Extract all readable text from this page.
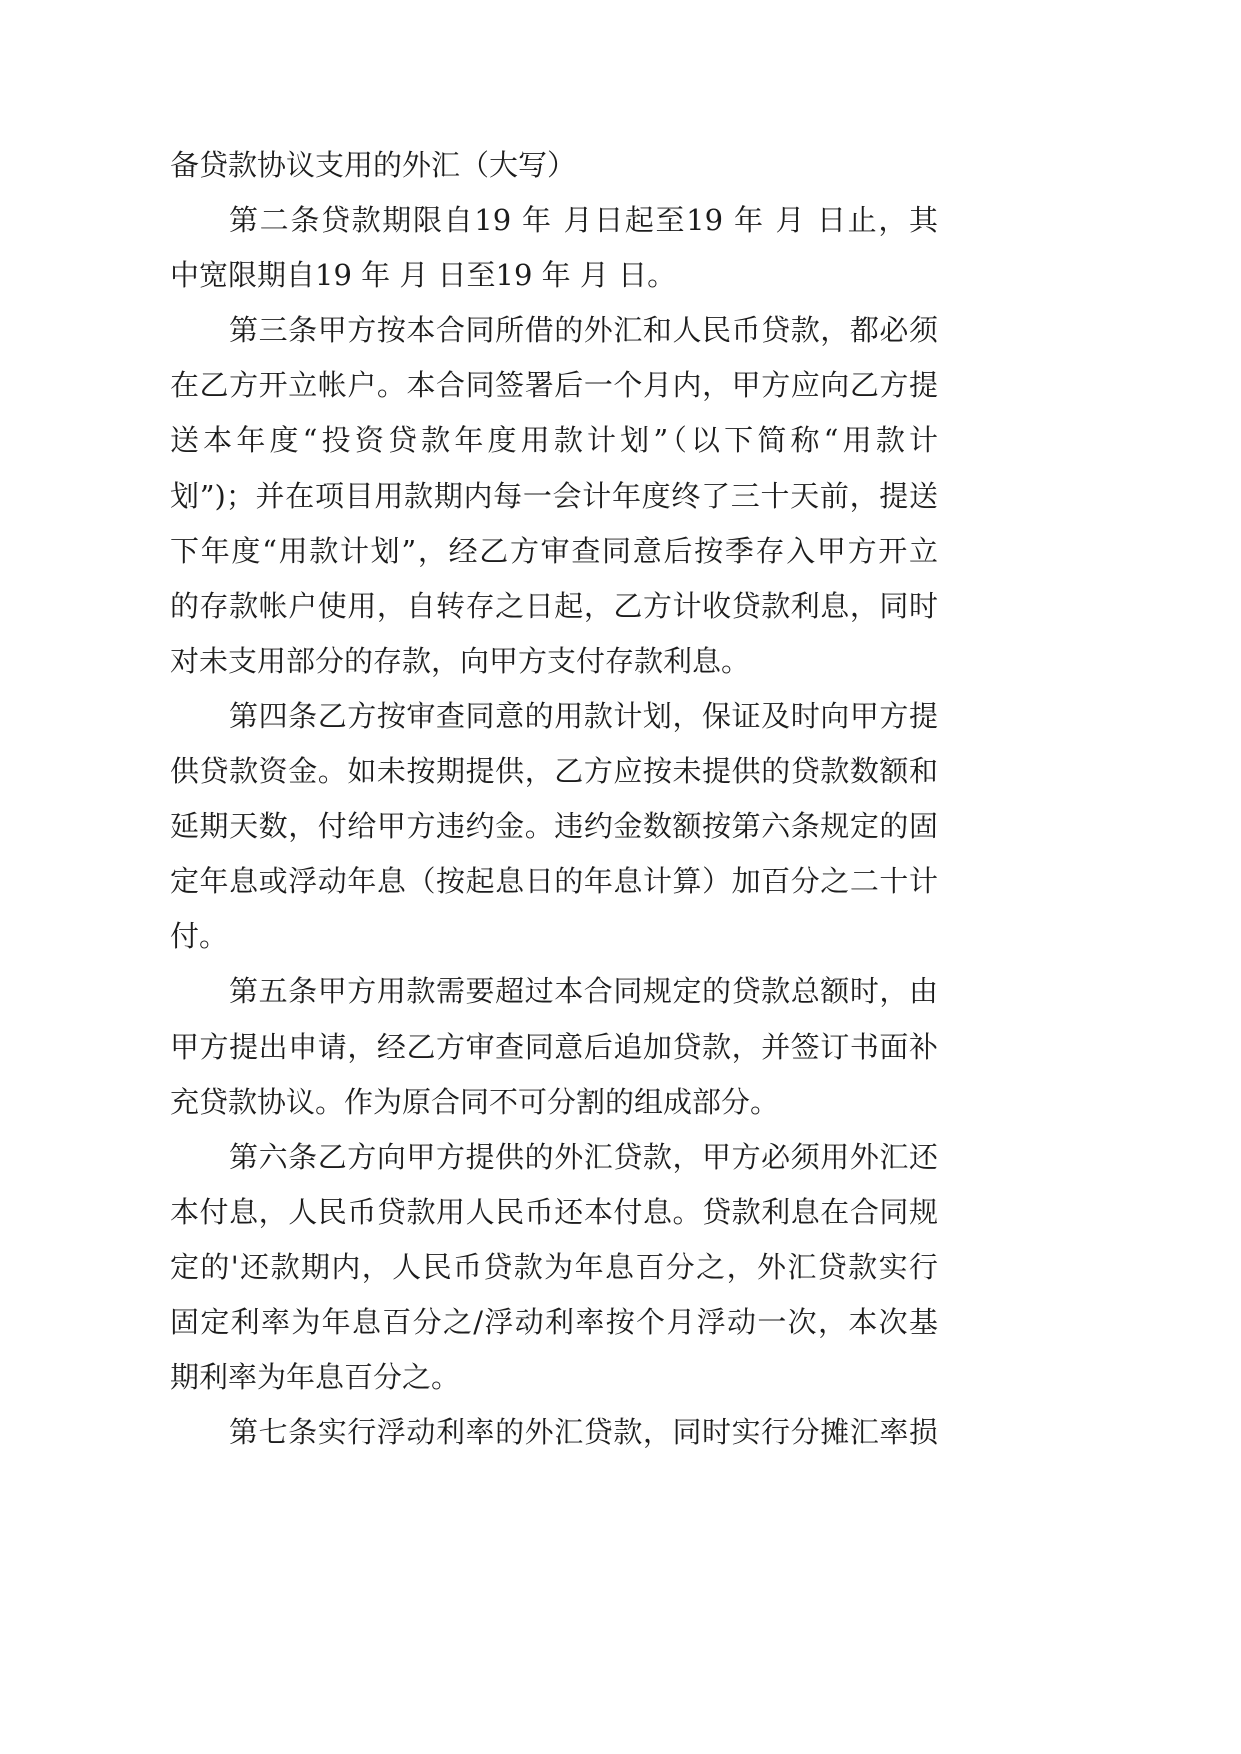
备贷款协议支用的外汇（大写）
第二条贷款期限自19 年 月日起至19 年 月 日止，其
中宽限期自19 年 月 日至19 年 月 日。
第三条甲方按本合同所借的外汇和人民币贷款，都必须
在乙方开立帐户。本合同签署后一个月内，甲方应向乙方提
送本年度“投资贷款年度用款计划”（以下简称“用款计
划”)；并在项目用款期内每一会计年度终了三十天前，提送
下年度“用款计划”，经乙方审查同意后按季存入甲方开立
的存款帐户使用，自转存之日起，乙方计收贷款利息，同时
对未支用部分的存款，向甲方支付存款利息。
第四条乙方按审查同意的用款计划，保证及时向甲方提
供贷款资金。如未按期提供，乙方应按未提供的贷款数额和
延期天数，付给甲方违约金。违约金数额按第六条规定的固
定年息或浮动年息（按起息日的年息计算）加百分之二十计
付。
第五条甲方用款需要超过本合同规定的贷款总额时，由
甲方提出申请，经乙方审查同意后追加贷款，并签订书面补
充贷款协议。作为原合同不可分割的组成部分。
第六条乙方向甲方提供的外汇贷款，甲方必须用外汇还
本付息，人民币贷款用人民币还本付息。贷款利息在合同规
定的'还款期内，人民币贷款为年息百分之，外汇贷款实行
固定利率为年息百分之/浮动利率按个月浮动一次，本次基
期利率为年息百分之。
第七条实行浮动利率的外汇贷款，同时实行分摊汇率损
